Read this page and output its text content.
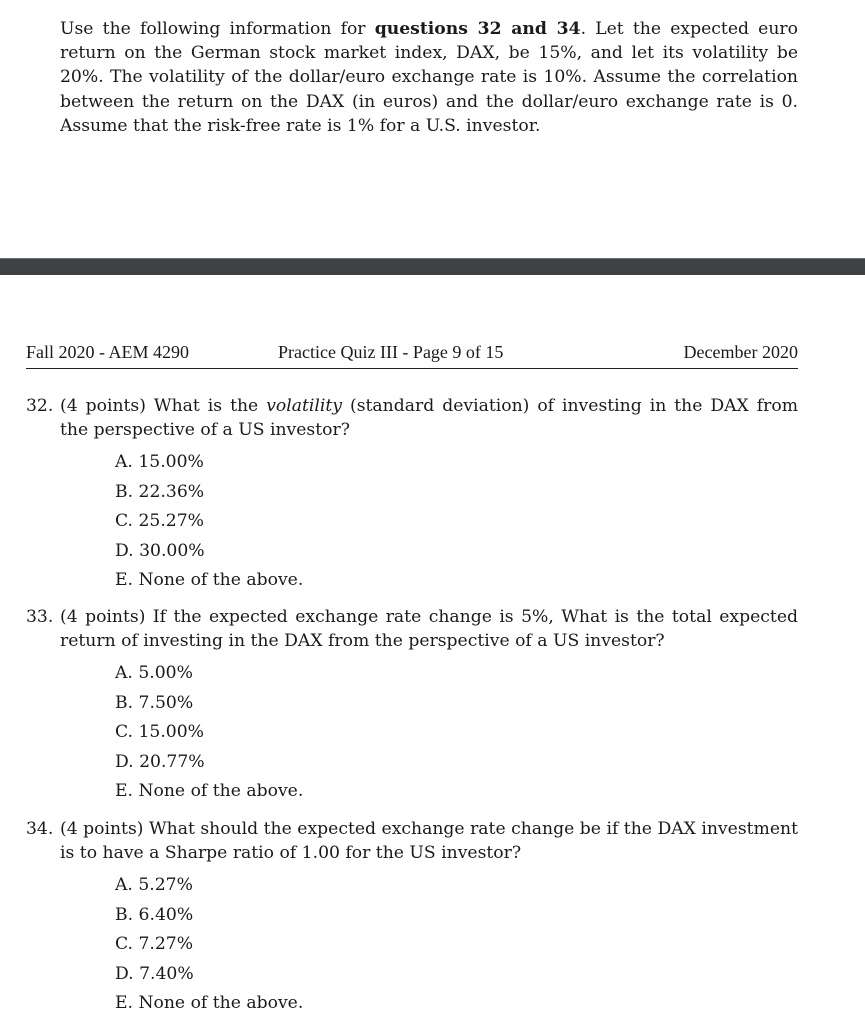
Use the following information for questions 32 and 34. Let the expected euro return on the German stock market index, DAX, be 15%, and let its volatility be 20%. The volatility of the dollar/euro exchange rate is 10%. Assume the correlation between the return on the DAX (in euros) and the dollar/euro exchange rate is 0. Assume that the risk-free rate is 1% for a U.S. investor.

Fall 2020 - AEM 4290	Practice Quiz III - Page 9 of 15	December 2020
32. (4 points) What is the volatility (standard deviation) of investing in the DAX from the perspective of a US investor?

A. 15.00%
B. 22.36%
C. 25.27%
D. 30.00%
E. None of the above.
33. (4 points) If the expected exchange rate change is 5%, What is the total expected return of investing in the DAX from the perspective of a US investor?

A. 5.00%
B. 7.50%
C. 15.00%
D. 20.77%
E. None of the above.
34. (4 points) What should the expected exchange rate change be if the DAX investment is to have a Sharpe ratio of 1.00 for the US investor?

A. 5.27%
B. 6.40%
C. 7.27%
D. 7.40%
E. None of the above.
